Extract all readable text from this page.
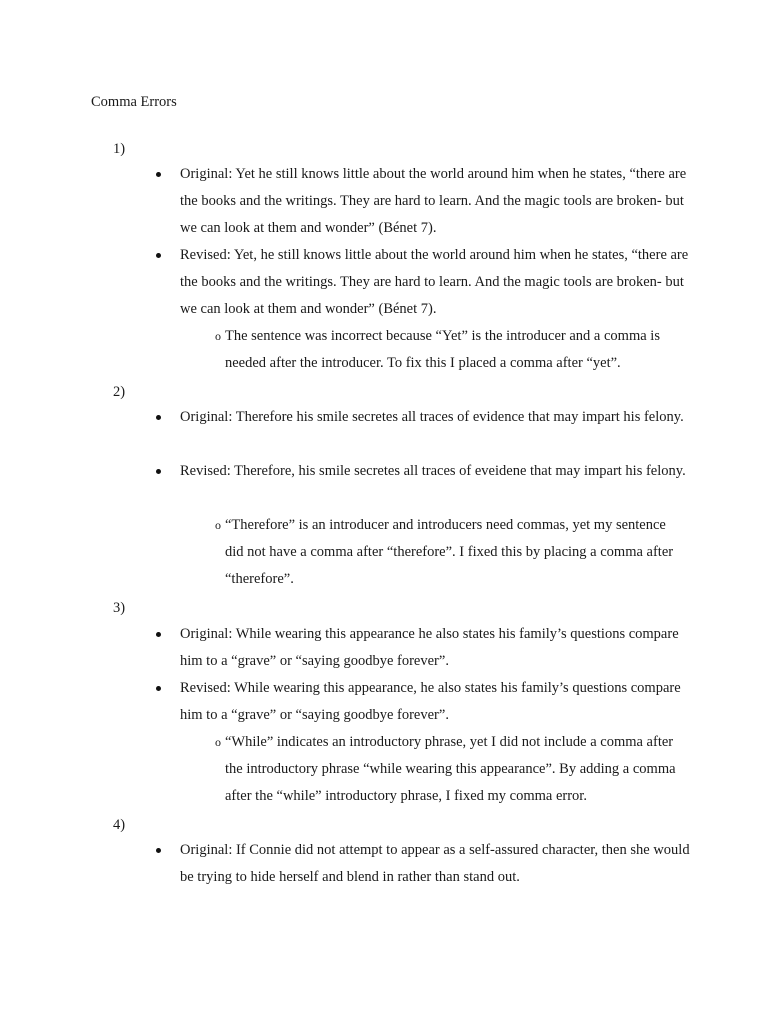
Comma Errors
1)
Original: Yet he still knows little about the world around him when he states, “there are the books and the writings. They are hard to learn. And the magic tools are broken- but we can look at them and wonder” (Bénet 7).
Revised: Yet, he still knows little about the world around him when he states, “there are the books and the writings. They are hard to learn. And the magic tools are broken- but we can look at them and wonder” (Bénet 7).
o The sentence was incorrect because “Yet” is the introducer and a comma is needed after the introducer. To fix this I placed a comma after “yet”.
2)
Original: Therefore his smile secretes all traces of evidence that may impart his felony.
Revised: Therefore, his smile secretes all traces of eveidene that may impart his felony.
o “Therefore” is an introducer and introducers need commas, yet my sentence did not have a comma after “therefore”. I fixed this by placing a comma after “therefore”.
3)
Original: While wearing this appearance he also states his family’s questions compare him to a “grave” or “saying goodbye forever”.
Revised: While wearing this appearance, he also states his family’s questions compare him to a “grave” or “saying goodbye forever”.
o “While” indicates an introductory phrase, yet I did not include a comma after the introductory phrase “while wearing this appearance”. By adding a comma after the “while” introductory phrase, I fixed my comma error.
4)
Original: If Connie did not attempt to appear as a self-assured character, then she would be trying to hide herself and blend in rather than stand out.
